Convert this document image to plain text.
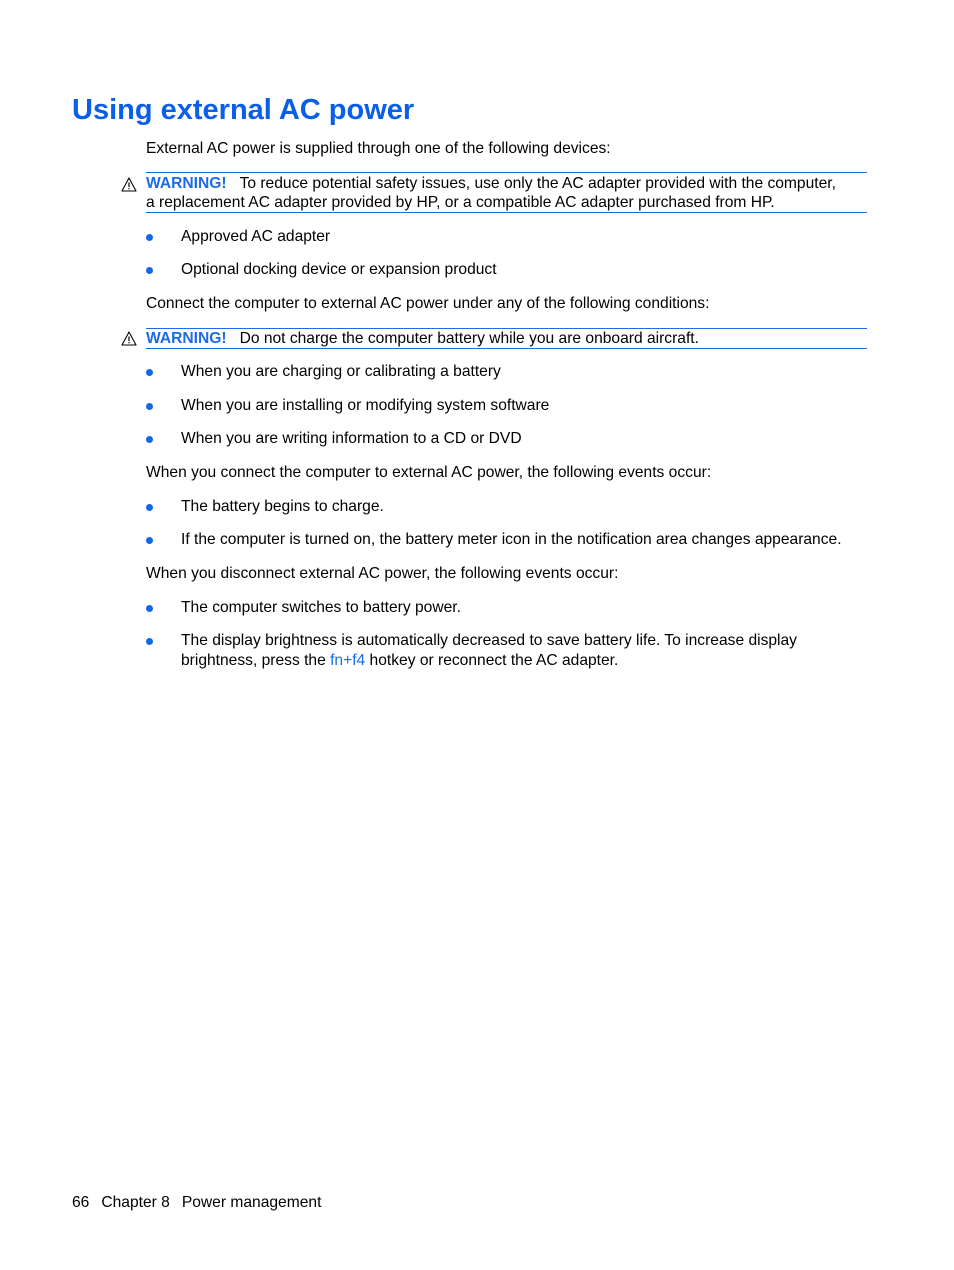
Using external AC power

External AC power is supplied through one of the following devices:

WARNING! To reduce potential safety issues, use only the AC adapter provided with the computer,
a replacement AC adapter provided by HP, or a compatible AC adapter purchased from HP.
Approved AC adapter
Optional docking device or expansion product

Connect the computer to external AC power under any of the following conditions:

WARNING! Do not charge the computer battery while you are onboard aircraft.
When you are charging or calibrating a battery
When you are installing or modifying system software
When you are writing information to a CD or DVD

When you connect the computer to external AC power, the following events occur:

The battery begins to charge.
If the computer is turned on, the battery meter icon in the notification area changes appearance.

When you disconnect external AC power, the following events occur:

The computer switches to battery power.
The display brightness is automatically decreased to save battery life. To increase display
brightness, press the fn+f4 hotkey or reconnect the AC adapter.
66 Chapter 8 Power management
